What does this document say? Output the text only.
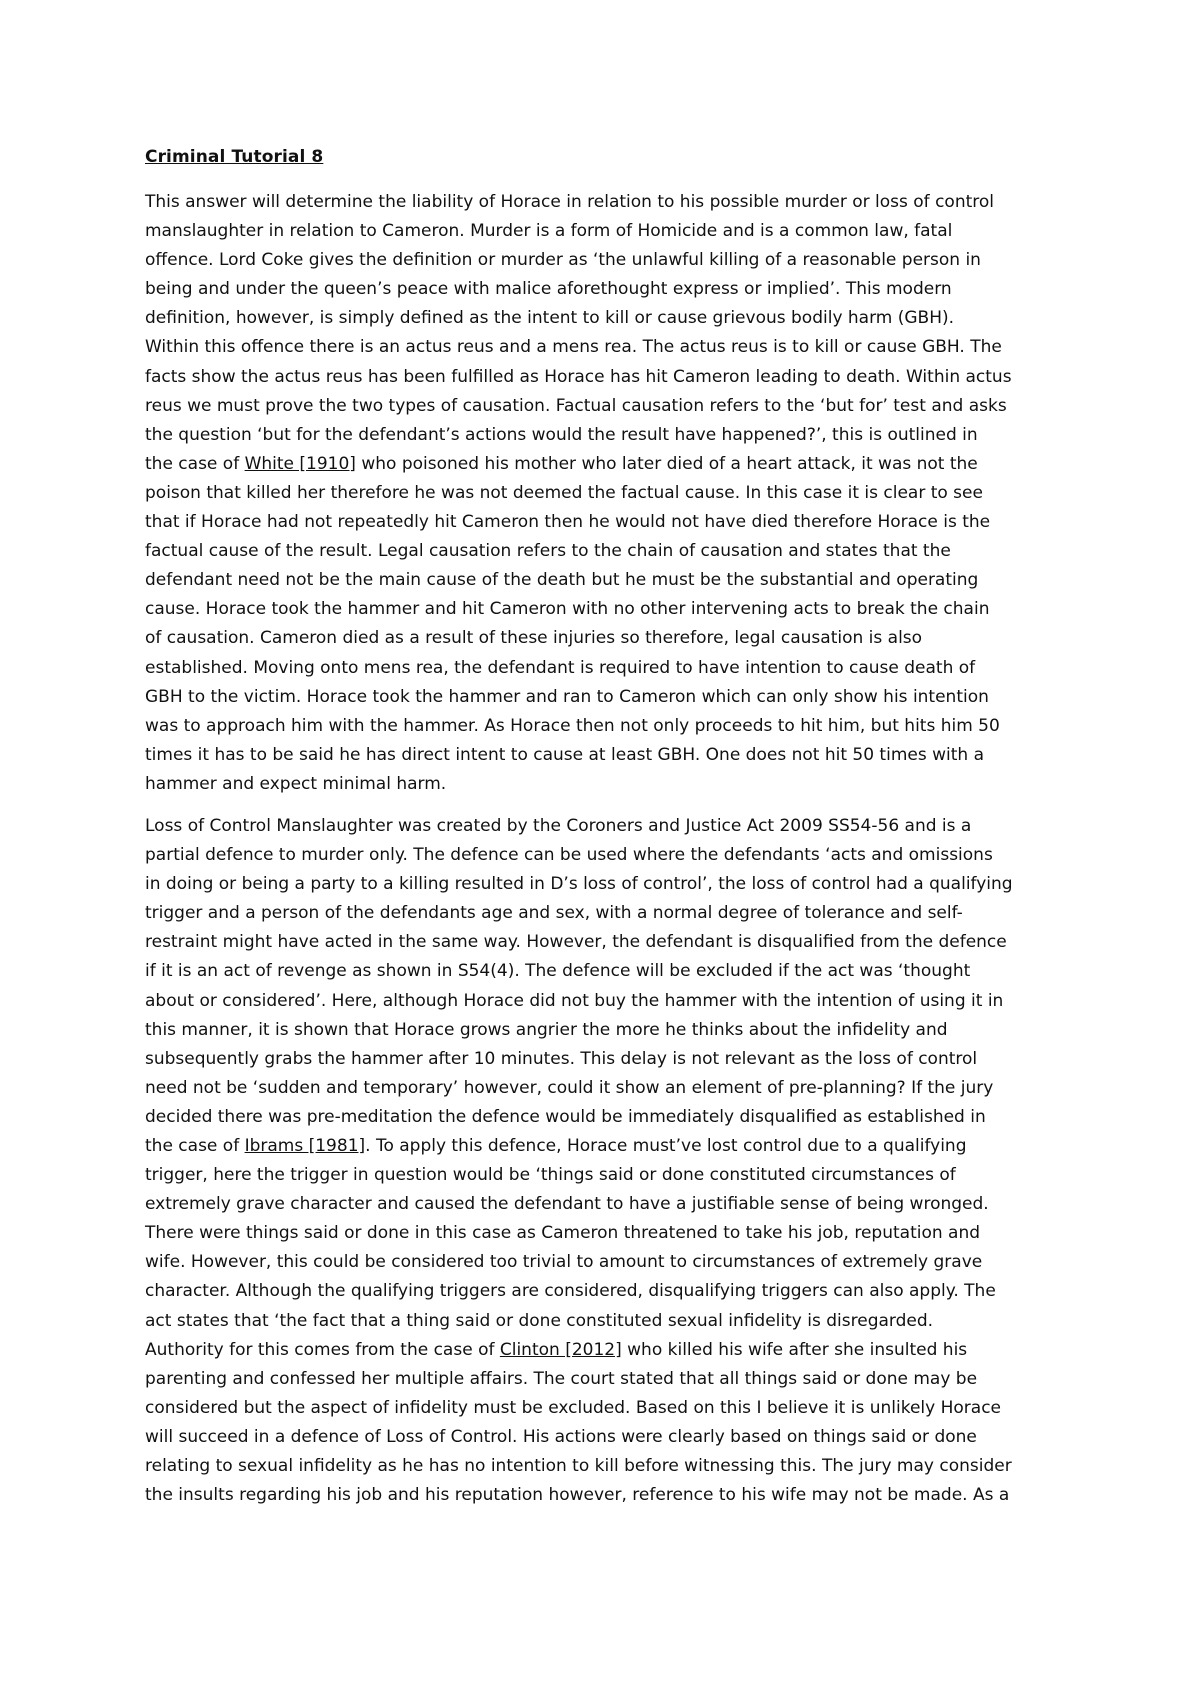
Criminal Tutorial 8
This answer will determine the liability of Horace in relation to his possible murder or loss of control
manslaughter in relation to Cameron. Murder is a form of Homicide and is a common law, fatal
offence. Lord Coke gives the definition or murder as ‘the unlawful killing of a reasonable person in
being and under the queen’s peace with malice aforethought express or implied’. This modern
definition, however, is simply defined as the intent to kill or cause grievous bodily harm (GBH).
Within this offence there is an actus reus and a mens rea. The actus reus is to kill or cause GBH. The
facts show the actus reus has been fulfilled as Horace has hit Cameron leading to death. Within actus
reus we must prove the two types of causation. Factual causation refers to the ‘but for’ test and asks
the question ‘but for the defendant’s actions would the result have happened?’, this is outlined in
the case of White [1910] who poisoned his mother who later died of a heart attack, it was not the
poison that killed her therefore he was not deemed the factual cause. In this case it is clear to see
that if Horace had not repeatedly hit Cameron then he would not have died therefore Horace is the
factual cause of the result. Legal causation refers to the chain of causation and states that the
defendant need not be the main cause of the death but he must be the substantial and operating
cause. Horace took the hammer and hit Cameron with no other intervening acts to break the chain
of causation. Cameron died as a result of these injuries so therefore, legal causation is also
established. Moving onto mens rea, the defendant is required to have intention to cause death of
GBH to the victim. Horace took the hammer and ran to Cameron which can only show his intention
was to approach him with the hammer. As Horace then not only proceeds to hit him, but hits him 50
times it has to be said he has direct intent to cause at least GBH. One does not hit 50 times with a
hammer and expect minimal harm.
Loss of Control Manslaughter was created by the Coroners and Justice Act 2009 SS54-56 and is a
partial defence to murder only. The defence can be used where the defendants ‘acts and omissions
in doing or being a party to a killing resulted in D’s loss of control’, the loss of control had a qualifying
trigger and a person of the defendants age and sex, with a normal degree of tolerance and self-
restraint might have acted in the same way. However, the defendant is disqualified from the defence
if it is an act of revenge as shown in S54(4). The defence will be excluded if the act was ‘thought
about or considered’. Here, although Horace did not buy the hammer with the intention of using it in
this manner, it is shown that Horace grows angrier the more he thinks about the infidelity and
subsequently grabs the hammer after 10 minutes. This delay is not relevant as the loss of control
need not be ‘sudden and temporary’ however, could it show an element of pre-planning? If the jury
decided there was pre-meditation the defence would be immediately disqualified as established in
the case of Ibrams [1981]. To apply this defence, Horace must’ve lost control due to a qualifying
trigger, here the trigger in question would be ‘things said or done constituted circumstances of
extremely grave character and caused the defendant to have a justifiable sense of being wronged.
There were things said or done in this case as Cameron threatened to take his job, reputation and
wife. However, this could be considered too trivial to amount to circumstances of extremely grave
character. Although the qualifying triggers are considered, disqualifying triggers can also apply. The
act states that ‘the fact that a thing said or done constituted sexual infidelity is disregarded.
Authority for this comes from the case of Clinton [2012] who killed his wife after she insulted his
parenting and confessed her multiple affairs. The court stated that all things said or done may be
considered but the aspect of infidelity must be excluded. Based on this I believe it is unlikely Horace
will succeed in a defence of Loss of Control. His actions were clearly based on things said or done
relating to sexual infidelity as he has no intention to kill before witnessing this. The jury may consider
the insults regarding his job and his reputation however, reference to his wife may not be made. As a
